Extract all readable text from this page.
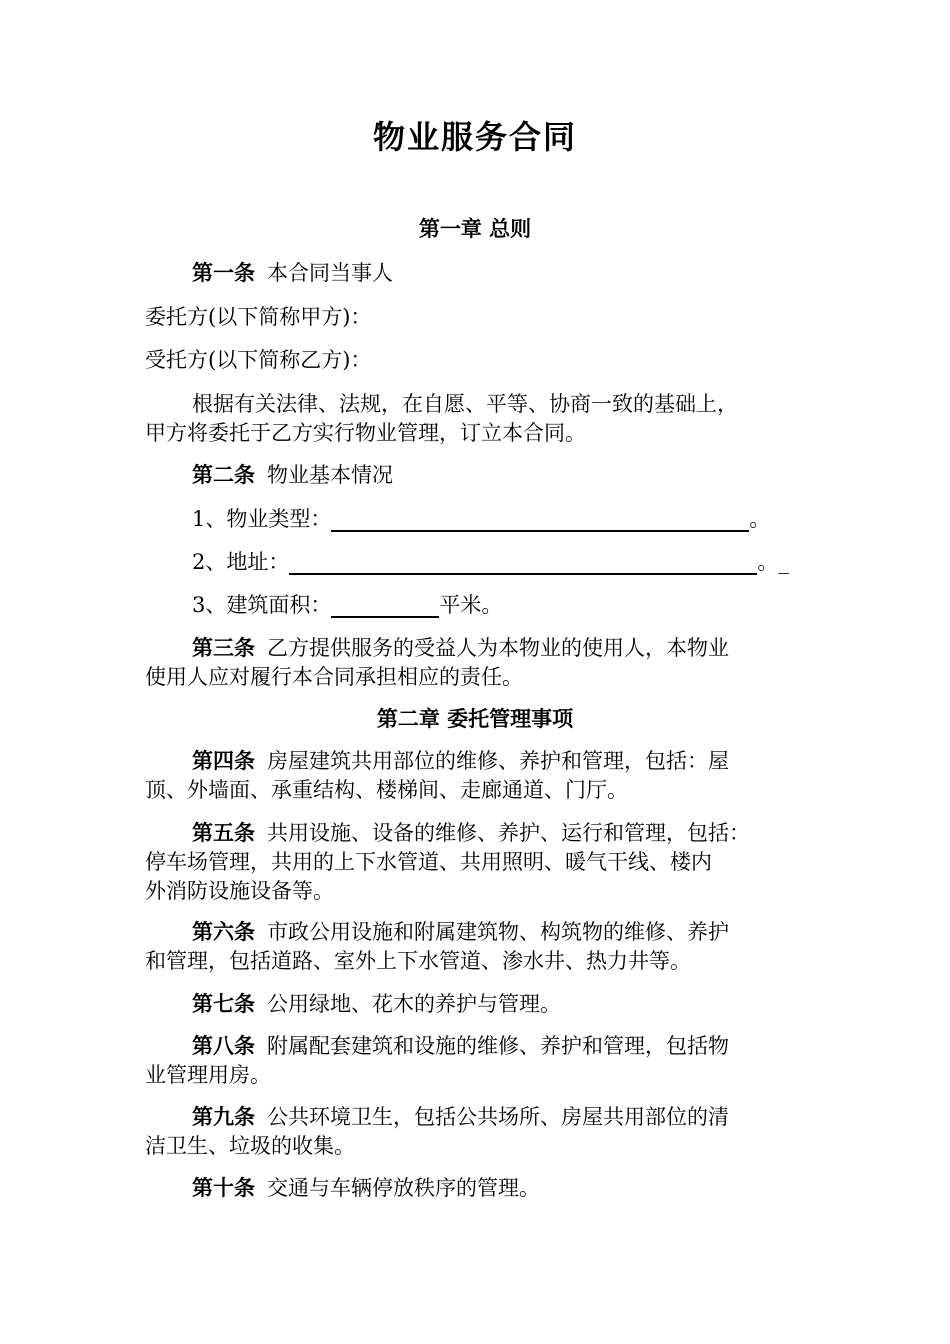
物业服务合同
第一章 总则
第一条 本合同当事人
委托方(以下简称甲方)：
受托方(以下简称乙方)：
根据有关法律、法规，在自愿、平等、协商一致的基础上，
甲方将委托于乙方实行物业管理，订立本合同。
第二条 物业基本情况
1、物业类型：	。
2、地址：	。_
3、建筑面积：	平米。
第三条 乙方提供服务的受益人为本物业的使用人，本物业
使用人应对履行本合同承担相应的责任。
第二章 委托管理事项
第四条 房屋建筑共用部位的维修、养护和管理，包括：屋
顶、外墙面、承重结构、楼梯间、走廊通道、门厅。
第五条 共用设施、设备的维修、养护、运行和管理，包括：
停车场管理，共用的上下水管道、共用照明、暖气干线、楼内
外消防设施设备等。
第六条 市政公用设施和附属建筑物、构筑物的维修、养护
和管理，包括道路、室外上下水管道、渗水井、热力井等。
第七条 公用绿地、花木的养护与管理。
第八条 附属配套建筑和设施的维修、养护和管理，包括物
业管理用房。
第九条 公共环境卫生，包括公共场所、房屋共用部位的清
洁卫生、垃圾的收集。
第十条 交通与车辆停放秩序的管理。
